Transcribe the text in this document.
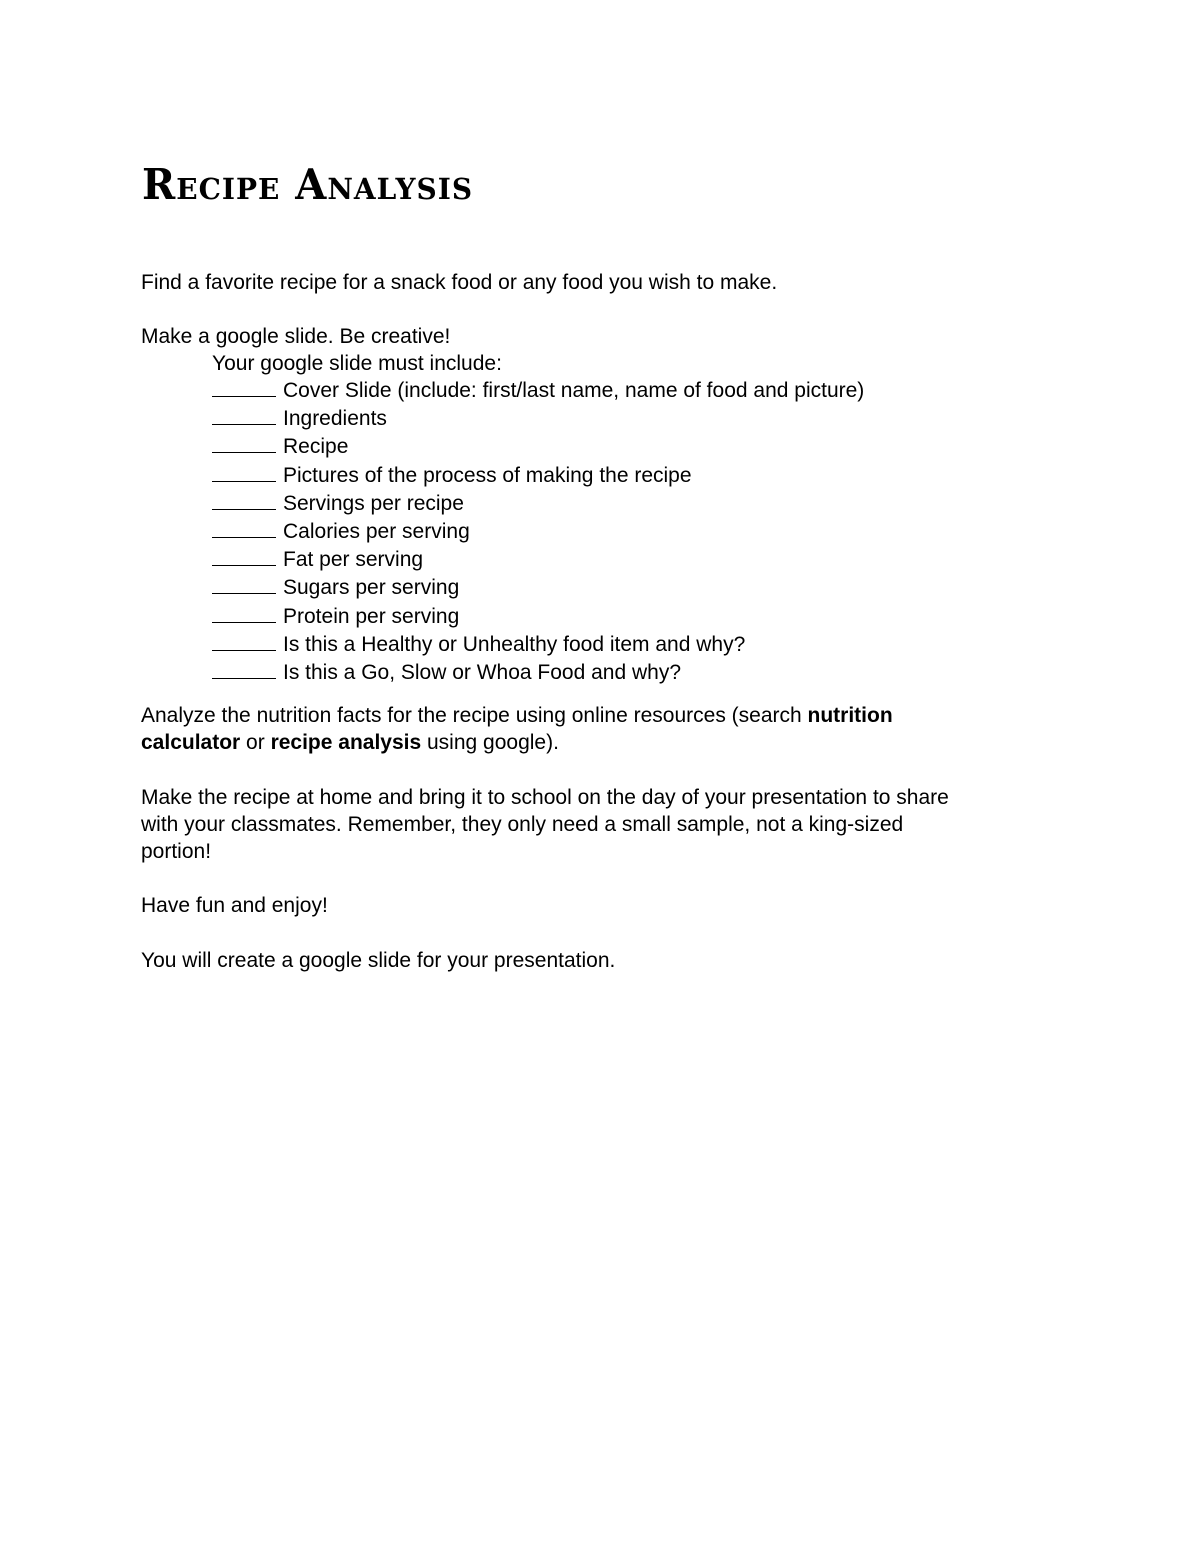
Recipe Analysis
Find a favorite recipe for a snack food or any food you wish to make.
Make a google slide. Be creative!
Your google slide must include:
Cover Slide (include: first/last name, name of food and picture)
Ingredients
Recipe
Pictures of the process of making the recipe
Servings per recipe
Calories per serving
Fat per serving
Sugars per serving
Protein per serving
Is this a Healthy or Unhealthy food item and why?
Is this a Go, Slow or Whoa Food and why?
Analyze the nutrition facts for the recipe using online resources (search nutrition
calculator or recipe analysis using google).
Make the recipe at home and bring it to school on the day of your presentation to share
with your classmates. Remember, they only need a small sample, not a king-sized
portion!
Have fun and enjoy!
You will create a google slide for your presentation.
